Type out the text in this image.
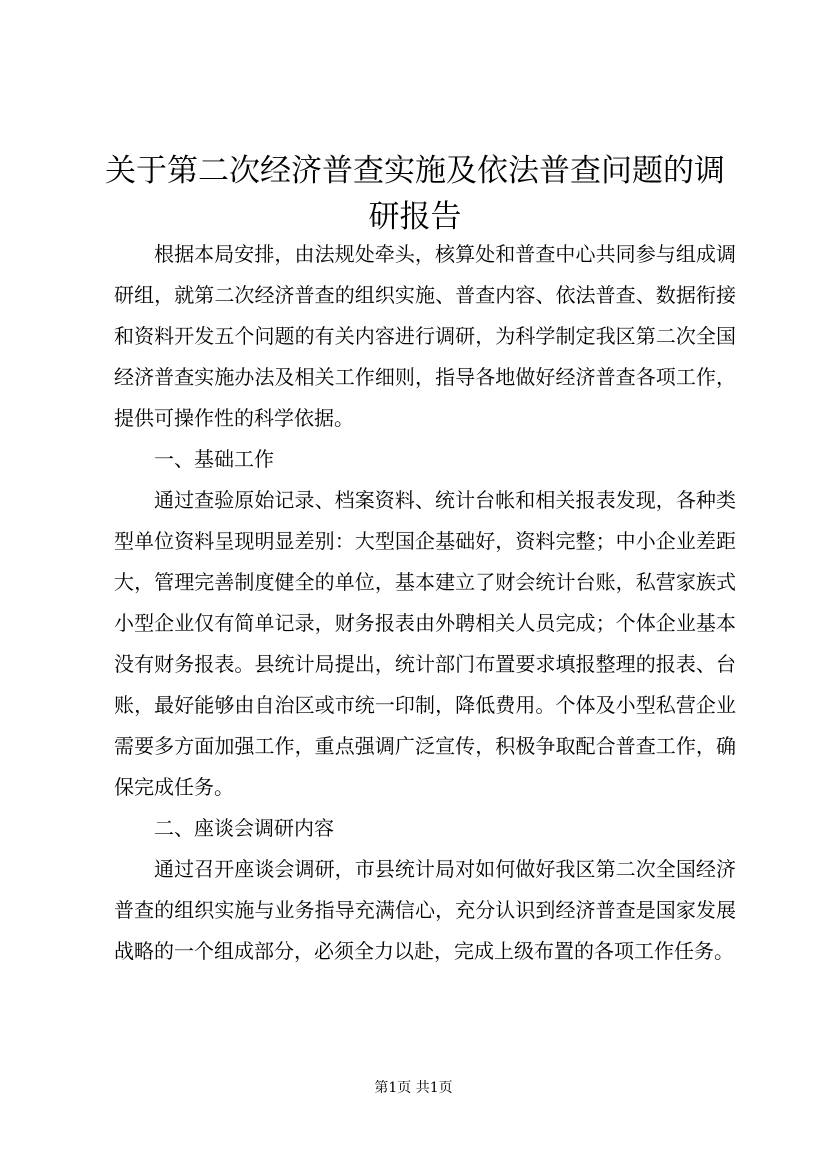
关于第二次经济普查实施及依法普查问题的调研报告

根据本局安排，由法规处牵头，核算处和普查中心共同参与组成调研组，就第二次经济普查的组织实施、普查内容、依法普查、数据衔接和资料开发五个问题的有关内容进行调研，为科学制定我区第二次全国经济普查实施办法及相关工作细则，指导各地做好经济普查各项工作，提供可操作性的科学依据。

一、基础工作

通过查验原始记录、档案资料、统计台帐和相关报表发现，各种类型单位资料呈现明显差别：大型国企基础好，资料完整；中小企业差距大，管理完善制度健全的单位，基本建立了财会统计台账，私营家族式小型企业仅有简单记录，财务报表由外聘相关人员完成；个体企业基本没有财务报表。县统计局提出，统计部门布置要求填报整理的报表、台账，最好能够由自治区或市统一印制，降低费用。个体及小型私营企业需要多方面加强工作，重点强调广泛宣传，积极争取配合普查工作，确保完成任务。

二、座谈会调研内容

通过召开座谈会调研，市县统计局对如何做好我区第二次全国经济普查的组织实施与业务指导充满信心，充分认识到经济普查是国家发展战略的一个组成部分，必须全力以赴，完成上级布置的各项工作任务。

第1页 共1页
